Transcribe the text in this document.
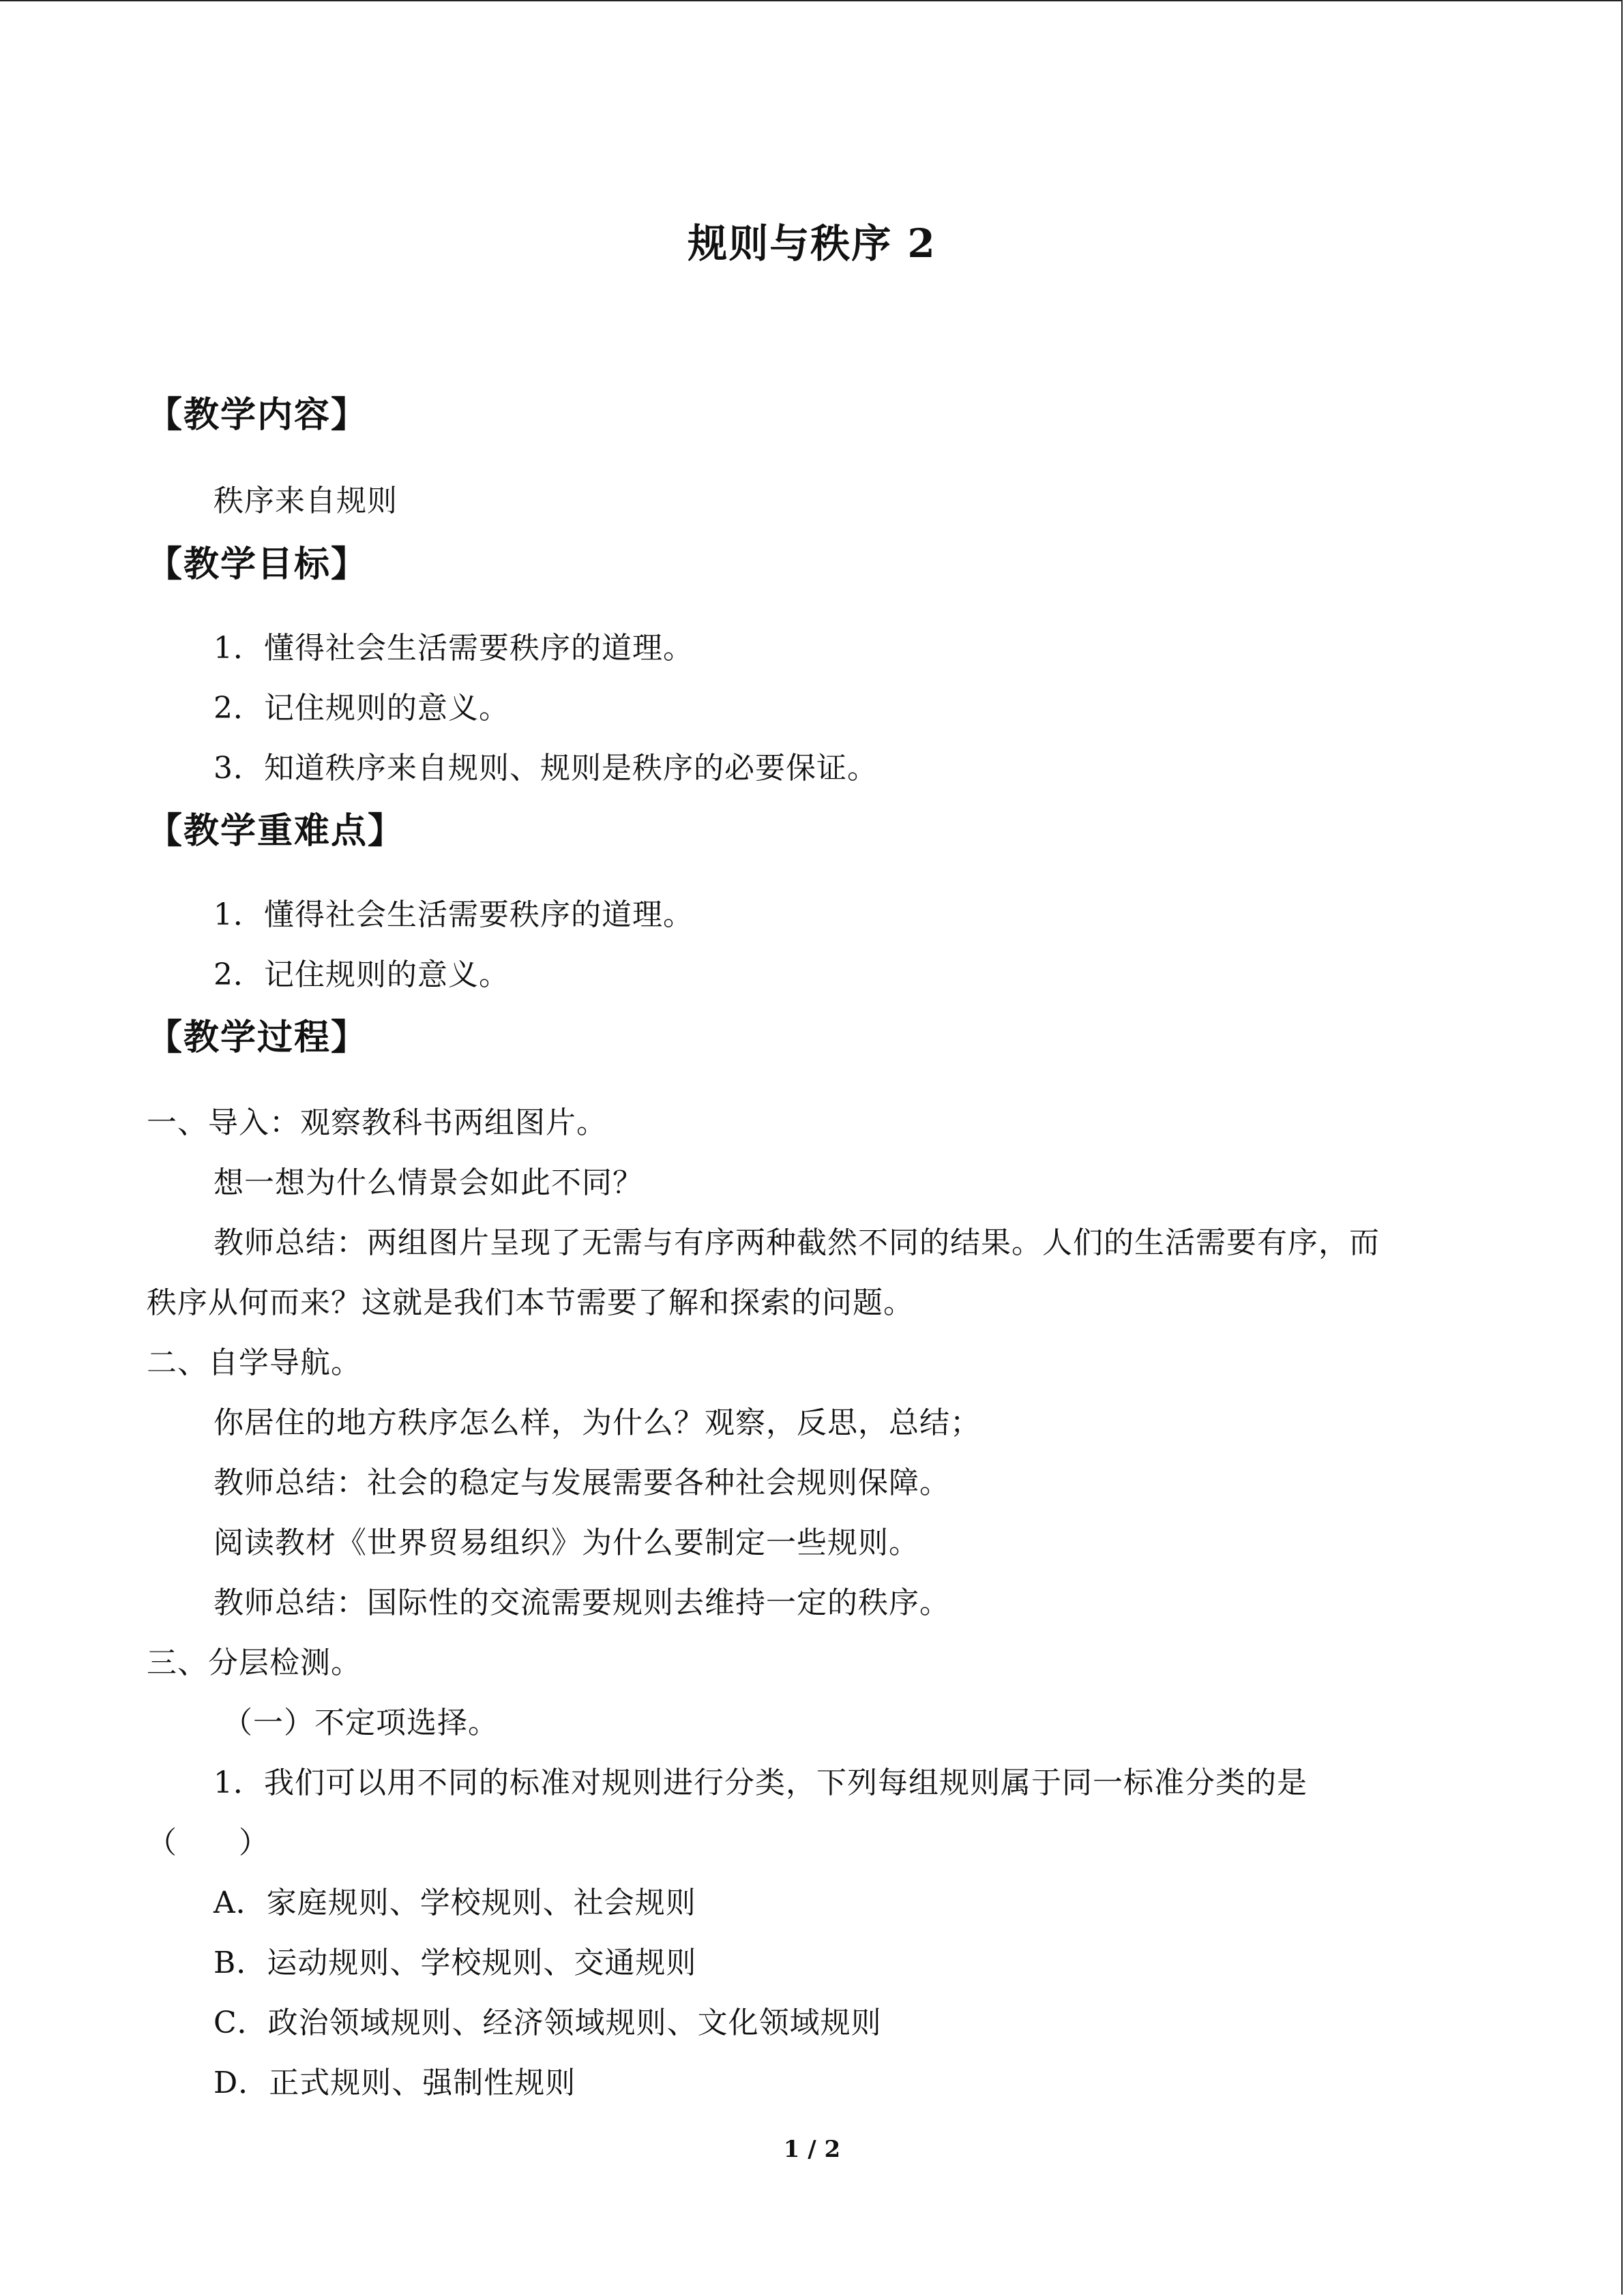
规则与秩序 2
【教学内容】
秩序来自规则
【教学目标】
1．懂得社会生活需要秩序的道理。
2．记住规则的意义。
3．知道秩序来自规则、规则是秩序的必要保证。
【教学重难点】
1．懂得社会生活需要秩序的道理。
2．记住规则的意义。
【教学过程】
一、导入：观察教科书两组图片。
想一想为什么情景会如此不同？
教师总结：两组图片呈现了无需与有序两种截然不同的结果。人们的生活需要有序，而
秩序从何而来？这就是我们本节需要了解和探索的问题。
二、自学导航。
你居住的地方秩序怎么样，为什么？观察，反思，总结；
教师总结：社会的稳定与发展需要各种社会规则保障。
阅读教材《世界贸易组织》为什么要制定一些规则。
教师总结：国际性的交流需要规则去维持一定的秩序。
三、分层检测。
（一）不定项选择。
1．我们可以用不同的标准对规则进行分类，下列每组规则属于同一标准分类的是
（　　）
A．家庭规则、学校规则、社会规则
B．运动规则、学校规则、交通规则
C．政治领域规则、经济领域规则、文化领域规则
D．正式规则、强制性规则
1 / 2
